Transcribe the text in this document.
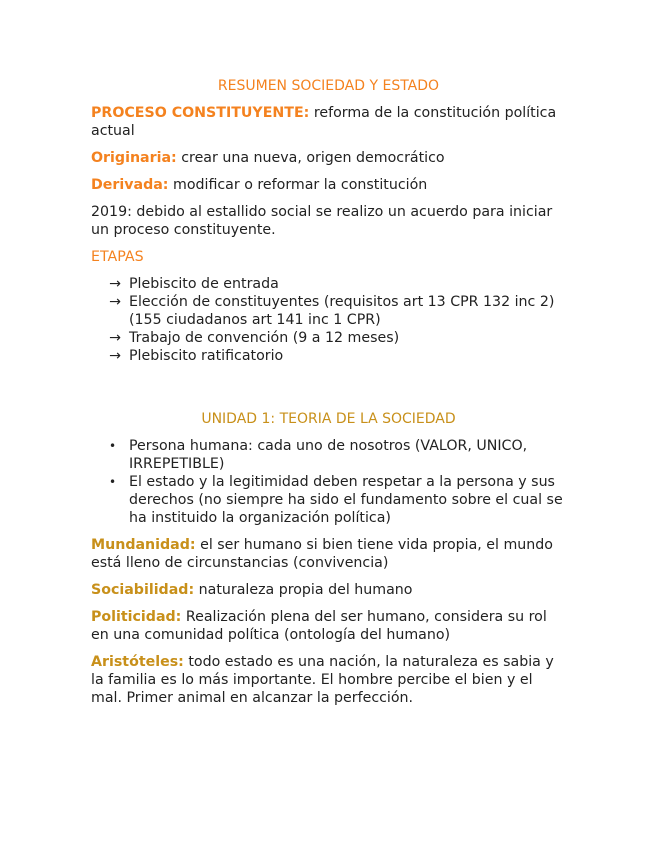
RESUMEN SOCIEDAD Y ESTADO
PROCESO CONSTITUYENTE: reforma de la constitución política actual
Originaria: crear una nueva, origen democrático
Derivada: modificar o reformar la constitución
2019: debido al estallido social se realizo un acuerdo para iniciar un proceso constituyente.
ETAPAS
→ Plebiscito de entrada
→ Elección de constituyentes (requisitos art 13 CPR 132 inc 2) (155 ciudadanos art 141 inc 1 CPR)
→ Trabajo de convención (9 a 12 meses)
→ Plebiscito ratificatorio
UNIDAD 1: TEORIA DE LA SOCIEDAD
• Persona humana: cada uno de nosotros (VALOR, UNICO, IRREPETIBLE)
• El estado y la legitimidad deben respetar a la persona y sus derechos (no siempre ha sido el fundamento sobre el cual se ha instituido la organización política)
Mundanidad: el ser humano si bien tiene vida propia, el mundo está lleno de circunstancias (convivencia)
Sociabilidad: naturaleza propia del humano
Politicidad: Realización plena del ser humano, considera su rol en una comunidad política (ontología del humano)
Aristóteles: todo estado es una nación, la naturaleza es sabia y la familia es lo más importante. El hombre percibe el bien y el mal. Primer animal en alcanzar la perfección.
